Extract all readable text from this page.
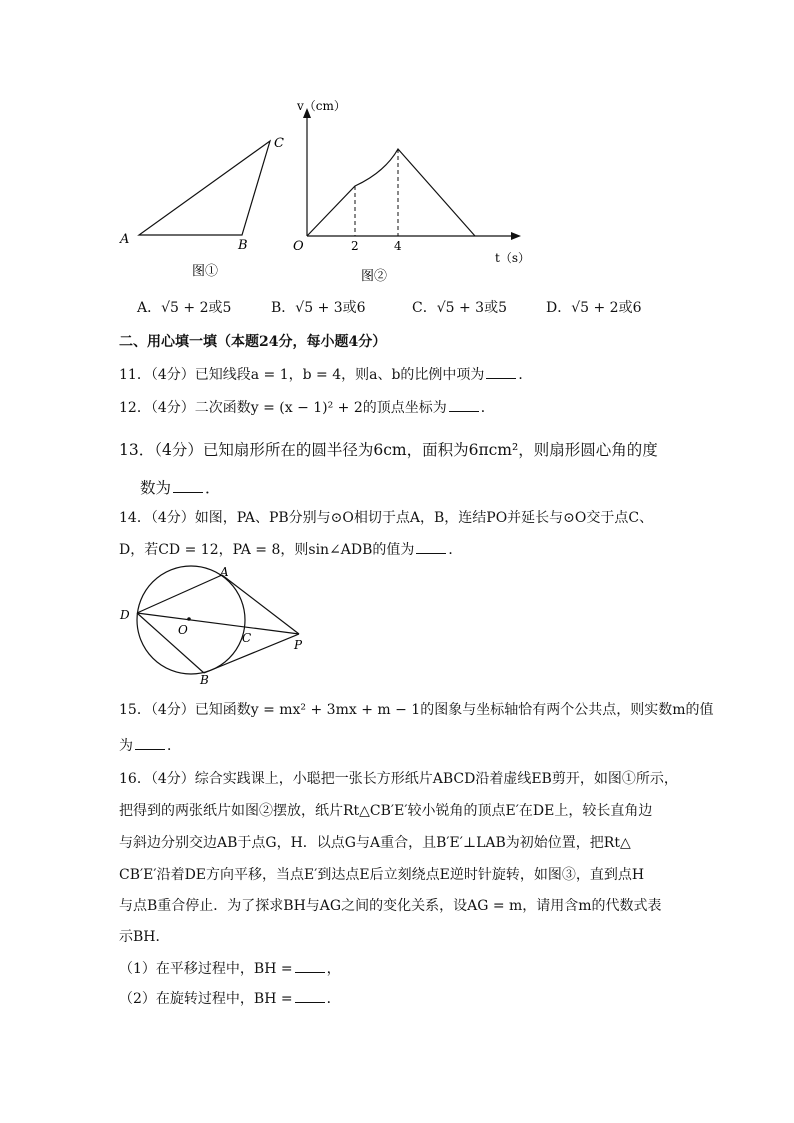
A	B
C
图①
v（cm）
t（s）
O	2	4
图②
A．√5 + 2或5	B．√5 + 3或6	C．√5 + 3或5	D．√5 + 2或6
二、用心填一填（本题24分，每小题4分）
11．（4分）已知线段a = 1，b = 4，则a、b的比例中项为 ．
12．（4分）二次函数y = (x − 1)² + 2的顶点坐标为 ．
13．（4分）已知扇形所在的圆半径为6cm，面积为6πcm²，则扇形圆心角的度
数为 ．
14．（4分）如图，PA、PB分别与⊙O相切于点A，B，连结PO并延长与⊙O交于点C、
D，若CD = 12，PA = 8，则sin∠ADB的值为 ．
A
B
C
D
O
P
15．（4分）已知函数y = mx² + 3mx + m − 1的图象与坐标轴恰有两个公共点，则实数m的值
为 ．
16．（4分）综合实践课上，小聪把一张长方形纸片ABCD沿着虚线EB剪开，如图①所示，
把得到的两张纸片如图②摆放，纸片Rt△CB′E′较小锐角的顶点E′在DE上，较长直角边
与斜边分别交边AB于点G，H．以点G与A重合，且B′E′⊥LAB为初始位置，把Rt△
CB′E′沿着DE方向平移，当点E′到达点E后立刻绕点E逆时针旋转，如图③，直到点H
与点B重合停止．为了探求BH与AG之间的变化关系，设AG = m，请用含m的代数式表
示BH．
（1）在平移过程中，BH = ，
（2）在旋转过程中，BH = ．
